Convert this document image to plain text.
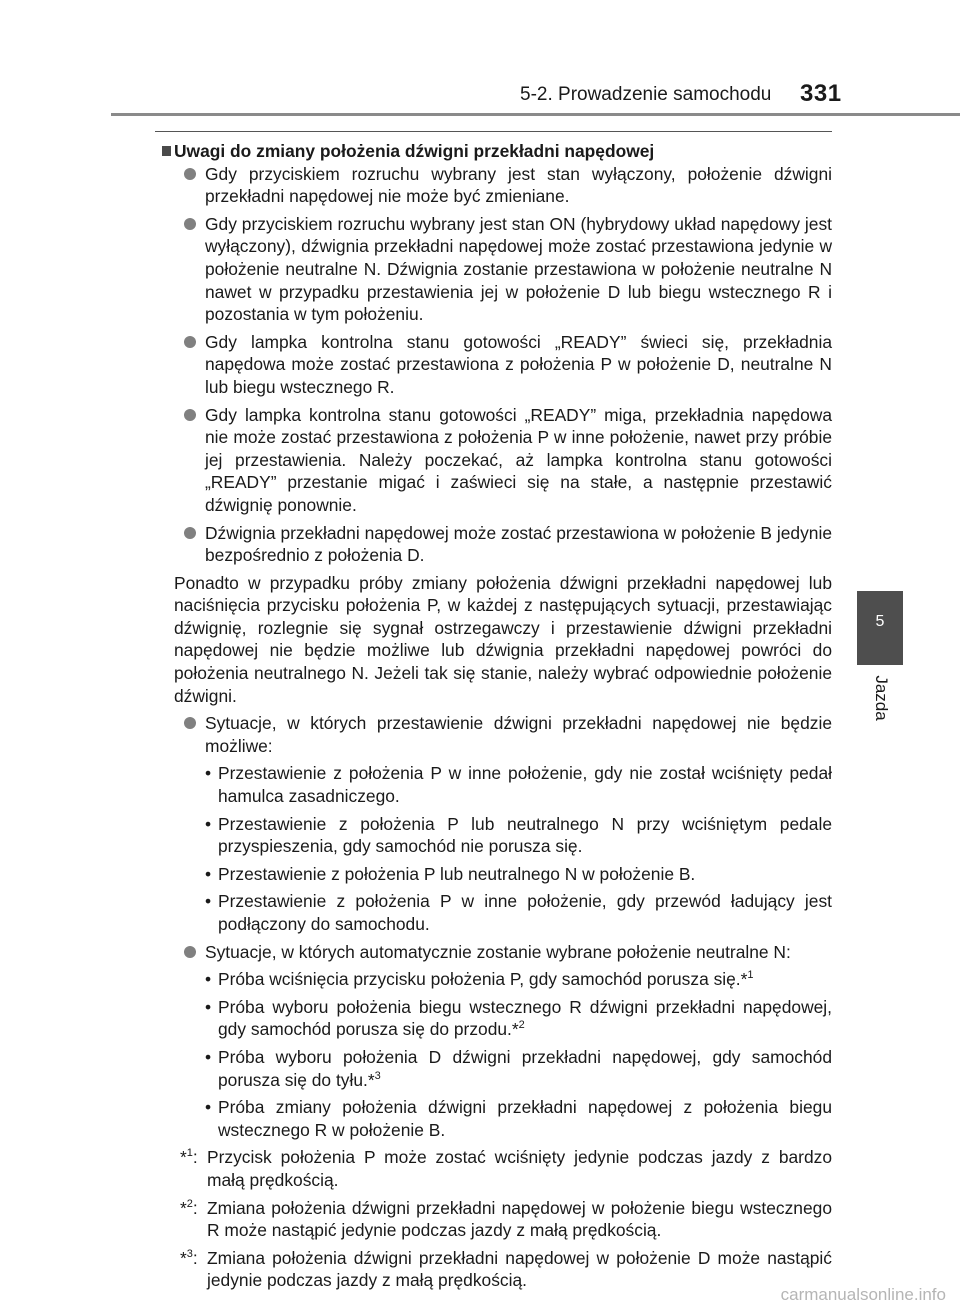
5-2. Prowadzenie samochodu 331
5
Jazda

Uwagi do zmiany położenia dźwigni przekładni napędowej

Gdy przyciskiem rozruchu wybrany jest stan wyłączony, położenie dźwigni przekładni napędowej nie może być zmieniane.

Gdy przyciskiem rozruchu wybrany jest stan ON (hybrydowy układ napędowy jest wyłączony), dźwignia przekładni napędowej może zostać przestawiona jedynie w położenie neutralne N. Dźwignia zostanie przestawiona w położenie neutralne N nawet w przypadku przestawienia jej w położenie D lub biegu wstecznego R i pozostania w tym położeniu.

Gdy lampka kontrolna stanu gotowości „READY” świeci się, przekładnia napędowa może zostać przestawiona z położenia P w położenie D, neutralne N lub biegu wstecznego R.

Gdy lampka kontrolna stanu gotowości „READY” miga, przekładnia napędowa nie może zostać przestawiona z położenia P w inne położenie, nawet przy próbie jej przestawienia. Należy poczekać, aż lampka kontrolna stanu gotowości „READY” przestanie migać i zaświeci się na stałe, a następnie przestawić dźwignię ponownie.

Dźwignia przekładni napędowej może zostać przestawiona w położenie B jedynie bezpośrednio z położenia D.

Ponadto w przypadku próby zmiany położenia dźwigni przekładni napędowej lub naciśnięcia przycisku położenia P, w każdej z następujących sytuacji, przestawiając dźwignię, rozlegnie się sygnał ostrzegawczy i przestawienie dźwigni przekładni napędowej nie będzie możliwe lub dźwignia przekładni napędowej powróci do położenia neutralnego N. Jeżeli tak się stanie, należy wybrać odpowiednie położenie dźwigni.

Sytuacje, w których przestawienie dźwigni przekładni napędowej nie będzie możliwe:

• Przestawienie z położenia P w inne położenie, gdy nie został wciśnięty pedał hamulca zasadniczego.

• Przestawienie z położenia P lub neutralnego N przy wciśniętym pedale przyspieszenia, gdy samochód nie porusza się.

• Przestawienie z położenia P lub neutralnego N w położenie B.

• Przestawienie z położenia P w inne położenie, gdy przewód ładujący jest podłączony do samochodu.

Sytuacje, w których automatycznie zostanie wybrane położenie neutralne N:

• Próba wciśnięcia przycisku położenia P, gdy samochód porusza się.*$^1$

• Próba wyboru położenia biegu wstecznego R dźwigni przekładni napędowej, gdy samochód porusza się do przodu.*$^2$

• Próba wyboru położenia D dźwigni przekładni napędowej, gdy samochód porusza się do tyłu.*$^3$

• Próba zmiany położenia dźwigni przekładni napędowej z położenia biegu wstecznego R w położenie B.

*$^1$: Przycisk położenia P może zostać wciśnięty jedynie podczas jazdy z bardzo małą prędkością.

*$^2$: Zmiana położenia dźwigni przekładni napędowej w położenie biegu wstecznego R może nastąpić jedynie podczas jazdy z małą prędkością.

*$^3$: Zmiana położenia dźwigni przekładni napędowej w położenie D może nastąpić jedynie podczas jazdy z małą prędkością.

carmanualsonline.info
